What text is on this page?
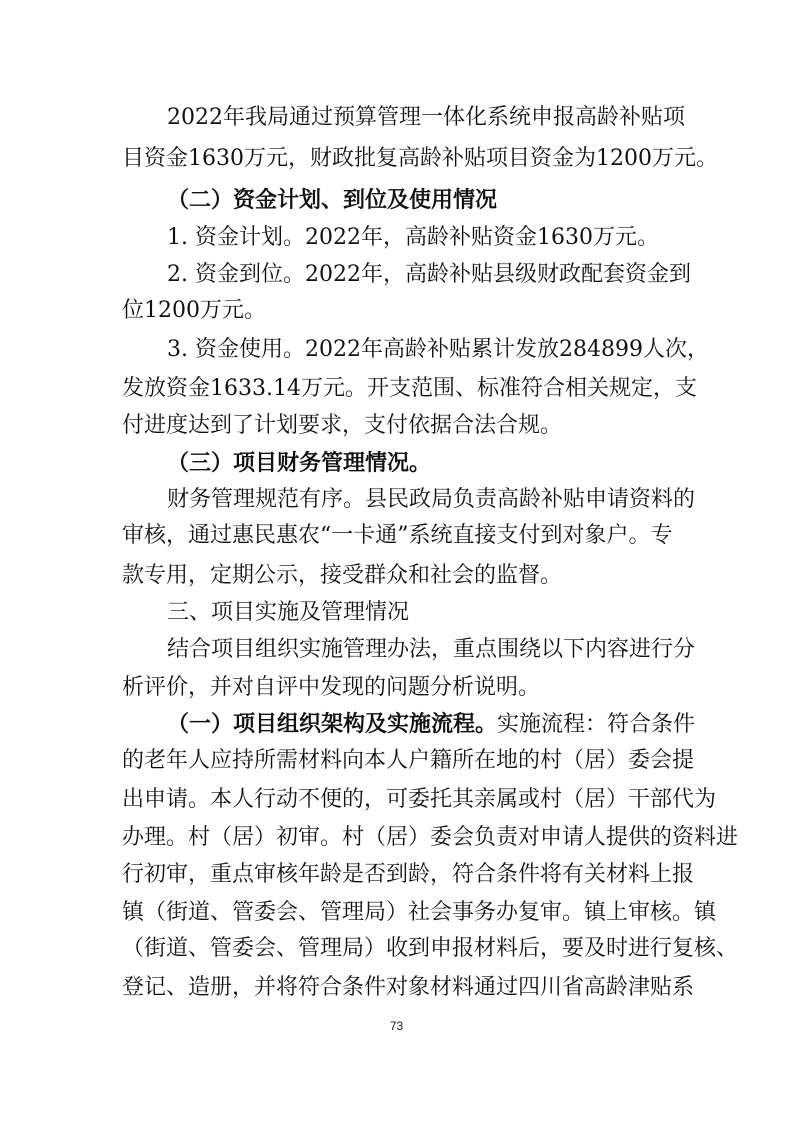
2022年我局通过预算管理一体化系统申报高龄补贴项

目资金1630万元，财政批复高龄补贴项目资金为1200万元。

（二）资金计划、到位及使用情况

1. 资金计划。2022年，高龄补贴资金1630万元。

2. 资金到位。2022年，高龄补贴县级财政配套资金到

位1200万元。

3. 资金使用。2022年高龄补贴累计发放284899人次，

发放资金1633.14万元。开支范围、标准符合相关规定，支

付进度达到了计划要求，支付依据合法合规。

（三）项目财务管理情况。

财务管理规范有序。县民政局负责高龄补贴申请资料的

审核，通过惠民惠农“一卡通”系统直接支付到对象户。专

款专用，定期公示，接受群众和社会的监督。

三、项目实施及管理情况

结合项目组织实施管理办法，重点围绕以下内容进行分

析评价，并对自评中发现的问题分析说明。

（一）项目组织架构及实施流程。 实施流程：符合条件

的老年人应持所需材料向本人户籍所在地的村（居）委会提

出申请。本人行动不便的，可委托其亲属或村（居）干部代为

办理。村（居）初审。村（居）委会负责对申请人提供的资料进

行初审，重点审核年龄是否到龄，符合条件将有关材料上报

镇（街道、管委会、管理局）社会事务办复审。镇上审核。镇

（街道、管委会、管理局）收到申报材料后，要及时进行复核、

登记、造册，并将符合条件对象材料通过四川省高龄津贴系

73
